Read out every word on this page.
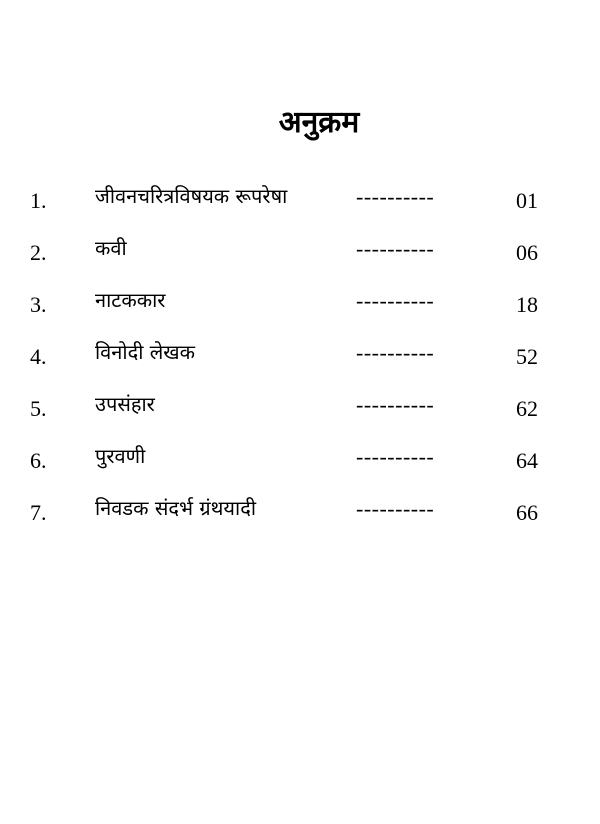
अनुक्रम
1. जीवनचरित्रविषयक रूपरेषा	----------	01
2. कवी	----------	06
3. नाटककार	----------	18
4. विनोदी लेखक	----------	52
5. उपसंहार	----------	62
6. पुरवणी	----------	64
7. निवडक संदर्भ ग्रंथयादी	----------	66
